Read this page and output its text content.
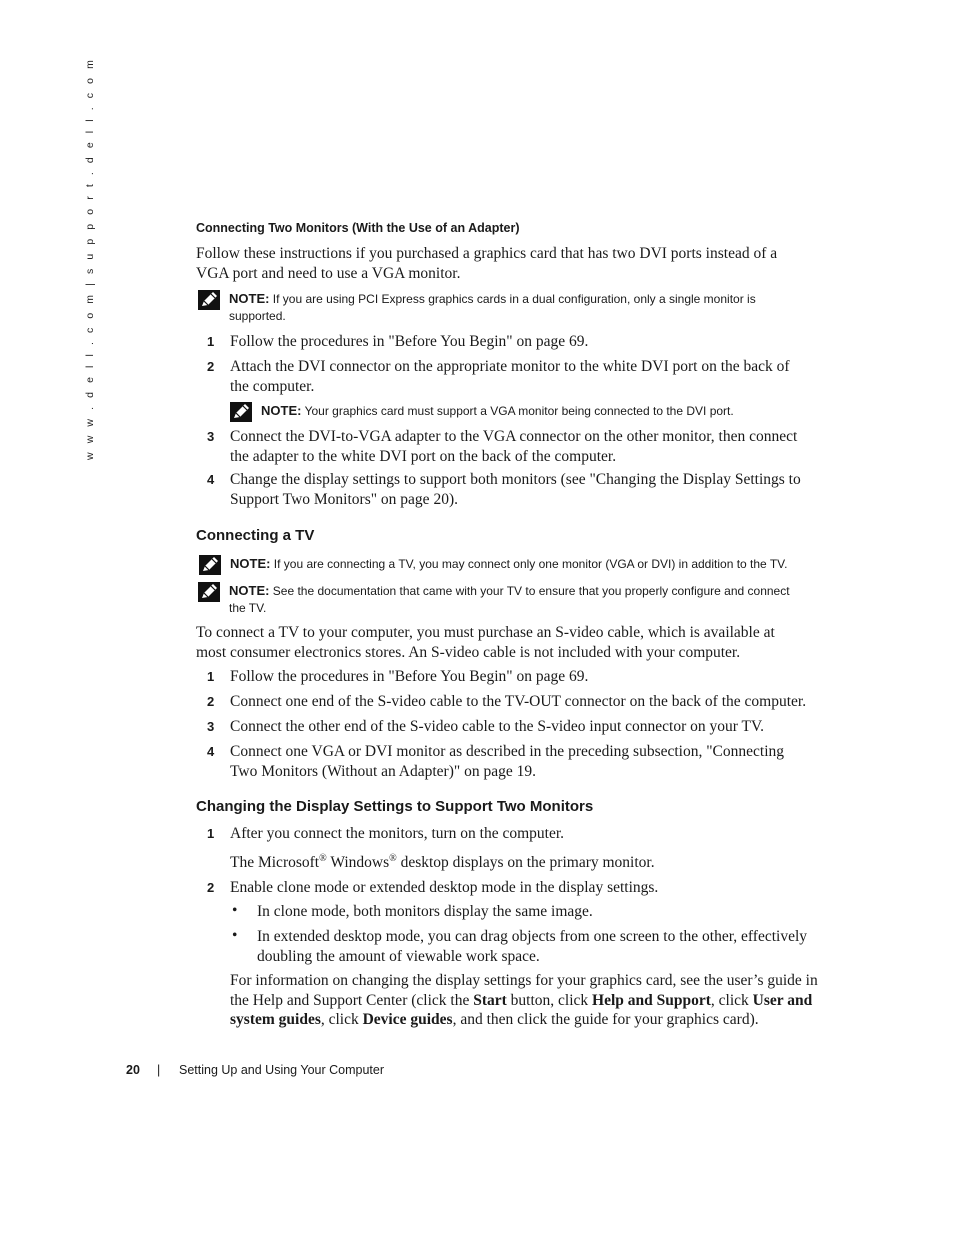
w w w . d e l l . c o m | s u p p o r t . d e l l . c o m	Connecting Two Monitors (With the Use of an Adapter)
Follow these instructions if you purchased a graphics card that has two DVI ports instead of a
VGA port and need to use a VGA monitor.
NOTE: If you are using PCI Express graphics cards in a dual configuration, only a single monitor is
supported.
1 Follow the procedures in "Before You Begin" on page 69.
2 Attach the DVI connector on the appropriate monitor to the white DVI port on the back of
the computer.
NOTE: Your graphics card must support a VGA monitor being connected to the DVI port.
3 Connect the DVI-to-VGA adapter to the VGA connector on the other monitor, then connect
the adapter to the white DVI port on the back of the computer.
4 Change the display settings to support both monitors (see "Changing the Display Settings to
Support Two Monitors" on page 20).
Connecting a TV
NOTE: If you are connecting a TV, you may connect only one monitor (VGA or DVI) in addition to the TV.
NOTE: See the documentation that came with your TV to ensure that you properly configure and connect
the TV.
To connect a TV to your computer, you must purchase an S-video cable, which is available at
most consumer electronics stores. An S-video cable is not included with your computer.
1 Follow the procedures in "Before You Begin" on page 69.
2 Connect one end of the S-video cable to the TV-OUT connector on the back of the computer.
3 Connect the other end of the S-video cable to the S-video input connector on your TV.
4 Connect one VGA or DVI monitor as described in the preceding subsection, "Connecting
Two Monitors (Without an Adapter)" on page 19.
Changing the Display Settings to Support Two Monitors
1 After you connect the monitors, turn on the computer.
The Microsoft® Windows® desktop displays on the primary monitor.
2 Enable clone mode or extended desktop mode in the display settings.
• In clone mode, both monitors display the same image.
• In extended desktop mode, you can drag objects from one screen to the other, effectively
doubling the amount of viewable work space.
For information on changing the display settings for your graphics card, see the user’s guide in
the Help and Support Center (click the Start button, click Help and Support, click User and
system guides, click Device guides, and then click the guide for your graphics card).
20 | Setting Up and Using Your Computer
